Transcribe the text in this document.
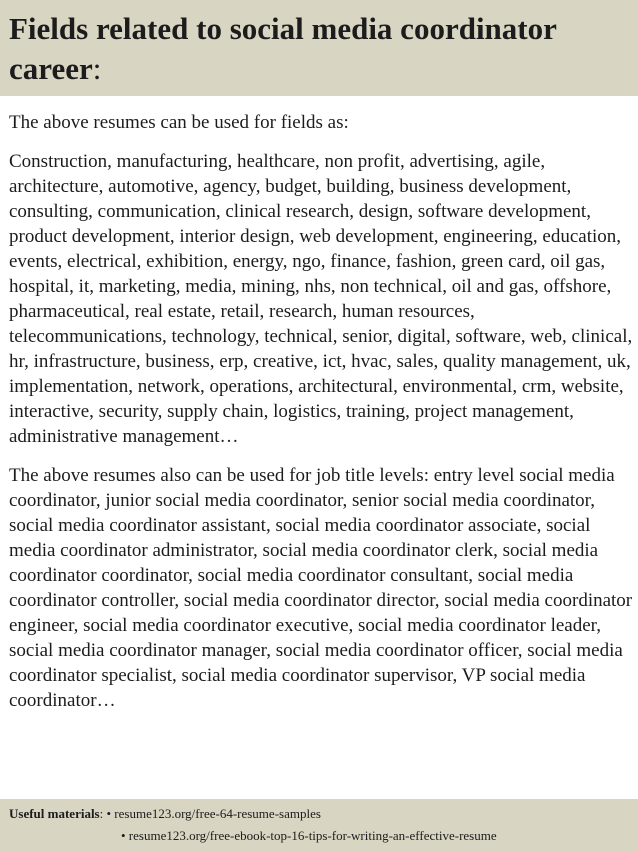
Fields related to social media coordinator career:

The above resumes can be used for fields as:

Construction, manufacturing, healthcare, non profit, advertising, agile, architecture, automotive, agency, budget, building, business development, consulting, communication, clinical research, design, software development, product development, interior design, web development, engineering, education, events, electrical, exhibition, energy, ngo, finance, fashion, green card, oil gas, hospital, it, marketing, media, mining, nhs, non technical, oil and gas, offshore, pharmaceutical, real estate, retail, research, human resources, telecommunications, technology, technical, senior, digital, software, web, clinical, hr, infrastructure, business, erp, creative, ict, hvac, sales, quality management, uk, implementation, network, operations, architectural, environmental, crm, website, interactive, security, supply chain, logistics, training, project management, administrative management…

The above resumes also can be used for job title levels: entry level social media coordinator, junior social media coordinator, senior social media coordinator, social media coordinator assistant, social media coordinator associate, social media coordinator administrator, social media coordinator clerk, social media coordinator coordinator, social media coordinator consultant, social media coordinator controller, social media coordinator director, social media coordinator engineer, social media coordinator executive, social media coordinator leader, social media coordinator manager, social media coordinator officer, social media coordinator specialist, social media coordinator supervisor, VP social media coordinator…

Useful materials: • resume123.org/free-64-resume-samples
• resume123.org/free-ebook-top-16-tips-for-writing-an-effective-resume
